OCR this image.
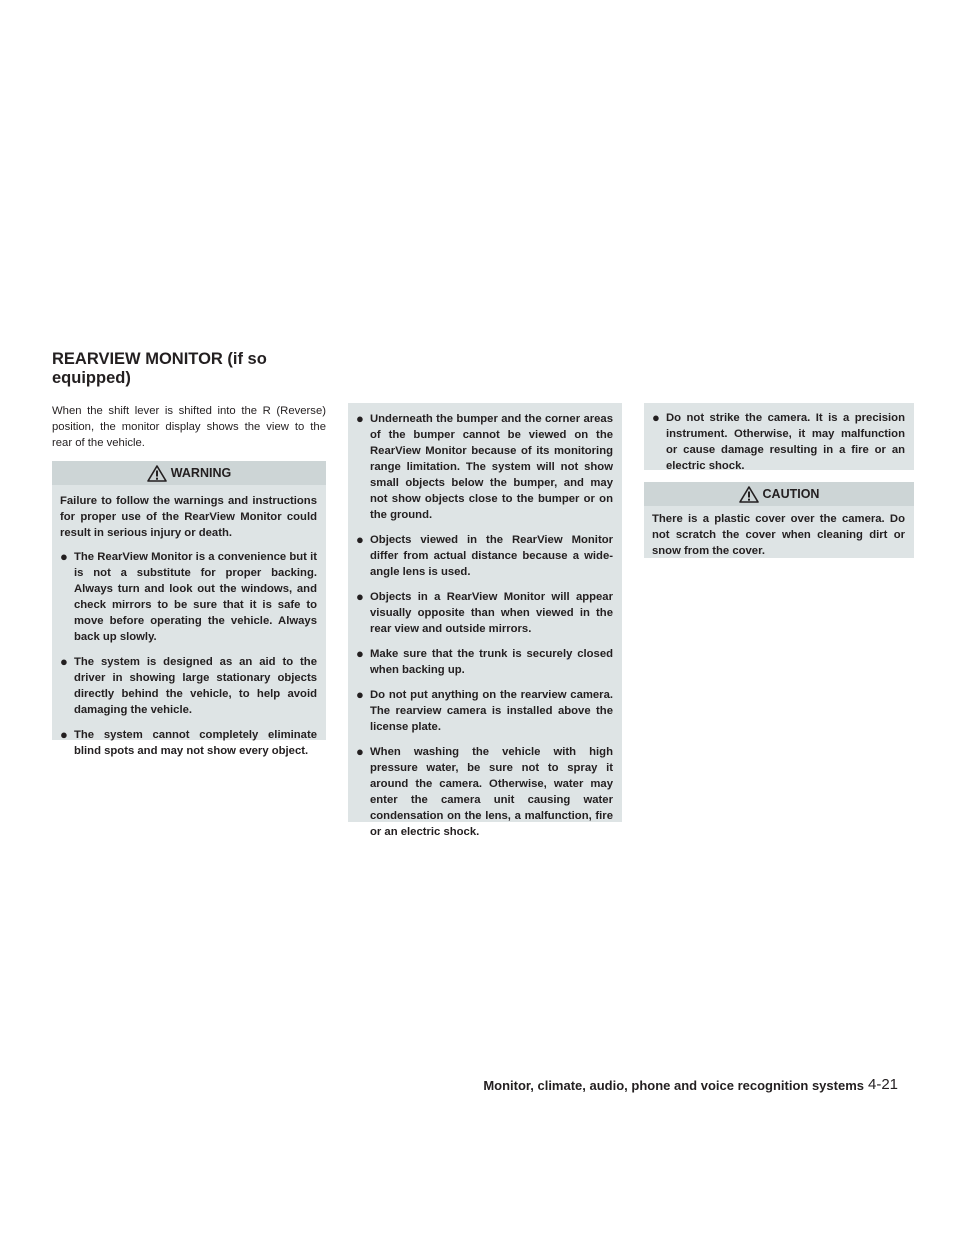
REARVIEW MONITOR (if so equipped)
When the shift lever is shifted into the R (Reverse) position, the monitor display shows the view to the rear of the vehicle.
WARNING

Failure to follow the warnings and instructions for proper use of the RearView Monitor could result in serious injury or death.

● The RearView Monitor is a convenience but it is not a substitute for proper backing. Always turn and look out the windows, and check mirrors to be sure that it is safe to move before operating the vehicle. Always back up slowly.
● The system is designed as an aid to the driver in showing large stationary objects directly behind the vehicle, to help avoid damaging the vehicle.
● The system cannot completely eliminate blind spots and may not show every object.
● Underneath the bumper and the corner areas of the bumper cannot be viewed on the RearView Monitor because of its monitoring range limitation. The system will not show small objects below the bumper, and may not show objects close to the bumper or on the ground.
● Objects viewed in the RearView Monitor differ from actual distance because a wide-angle lens is used.
● Objects in a RearView Monitor will appear visually opposite than when viewed in the rear view and outside mirrors.
● Make sure that the trunk is securely closed when backing up.
● Do not put anything on the rearview camera. The rearview camera is installed above the license plate.
● When washing the vehicle with high pressure water, be sure not to spray it around the camera. Otherwise, water may enter the camera unit causing water condensation on the lens, a malfunction, fire or an electric shock.
● Do not strike the camera. It is a precision instrument. Otherwise, it may malfunction or cause damage resulting in a fire or an electric shock.
CAUTION

There is a plastic cover over the camera. Do not scratch the cover when cleaning dirt or snow from the cover.

Monitor, climate, audio, phone and voice recognition systems 4-21
